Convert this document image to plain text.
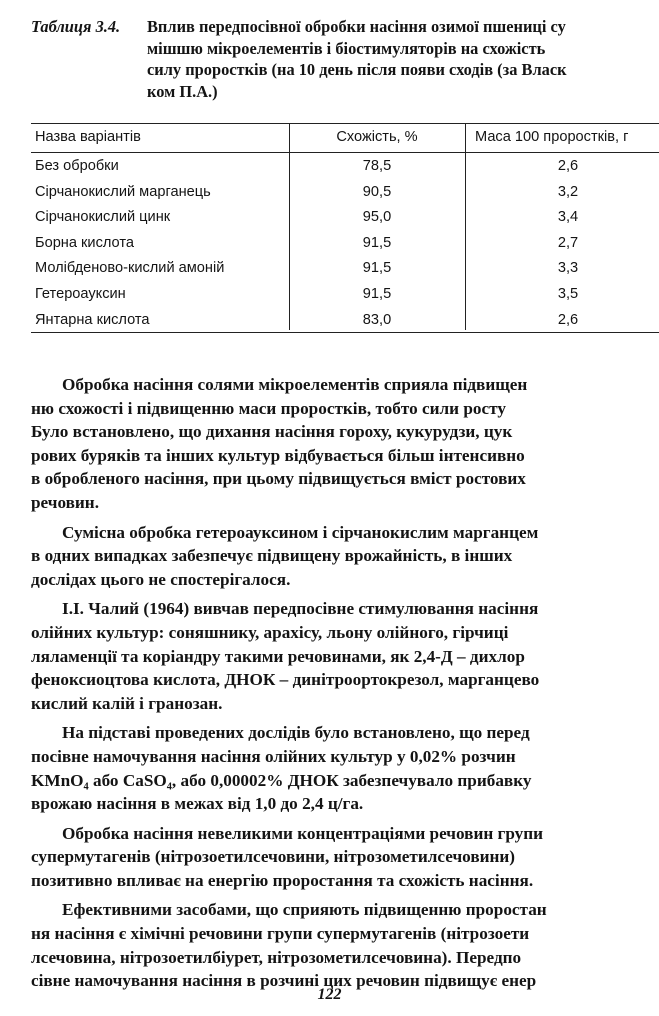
Таблиця 3.4. Вплив передпосівної обробки насіння озимої пшениці су
мішшю мікроелементів і біостимуляторів на схожість
силу проростків (на 10 день після появи сходів (за Власк
ком П.А.)
Назва варіантів	Схожість, %	Маса 100 проростків, г
Без обробки	78,5	2,6
Сірчанокислий марганець	90,5	3,2
Сірчанокислий цинк	95,0	3,4
Борна кислота	91,5	2,7
Молібденово-кислий амоній	91,5	3,3
Гетероауксин	91,5	3,5
Янтарна кислота	83,0	2,6
Обробка насіння солями мікроелементів сприяла підвищен
ню схожості і підвищенню маси проростків, тобто сили росту
Було встановлено, що дихання насіння гороху, кукурудзи, цук
рових буряків та інших культур відбувається більш інтенсивно
в обробленого насіння, при цьому підвищується вміст ростових
речовин.
Сумісна обробка гетероауксином і сірчанокислим марганцем
в одних випадках забезпечує підвищену врожайність, в інших
дослідах цього не спостерігалося.
І.І. Чалий (1964) вивчав передпосівне стимулювання насіння
олійних культур: соняшнику, арахісу, льону олійного, гірчиці
ляламенції та коріандру такими речовинами, як 2,4-Д – дихлор
феноксиоцтова кислота, ДНОК – динітроортокрезол, марганцево
кислий калій і гранозан.
На підставі проведених дослідів було встановлено, що перед
посівне намочування насіння олійних культур у 0,02% розчин
KMnO₄ або CaSO₄, або 0,00002% ДНОК забезпечувало прибавку
врожаю насіння в межах від 1,0 до 2,4 ц/га.
Обробка насіння невеликими концентраціями речовин групи
супермутагенів (нітрозоетилсечовини, нітрозометилсечовини)
позитивно впливає на енергію проростання та схожість насіння.
Ефективними засобами, що сприяють підвищенню проростан
ня насіння є хімічні речовини групи супермутагенів (нітрозоети
лсечовина, нітрозоетилбіурет, нітрозометилсечовина). Передпо
сівне намочування насіння в розчині цих речовин підвищує енер
122
